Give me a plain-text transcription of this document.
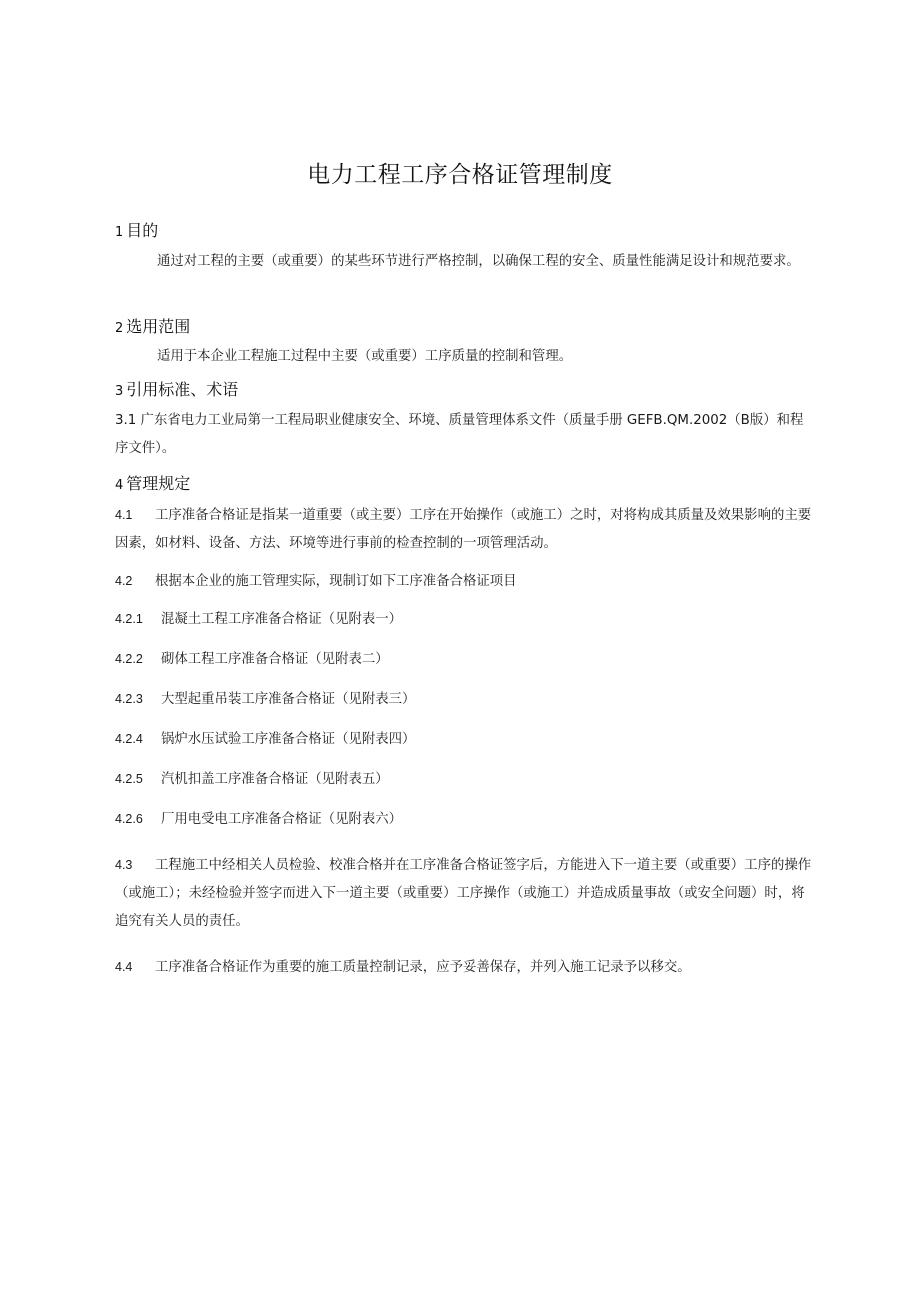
电力工程工序合格证管理制度
1 目的
通过对工程的主要（或重要）的某些环节进行严格控制，以确保工程的安全、质量性能满足设计和规范要求。
2 选用范围
适用于本企业工程施工过程中主要（或重要）工序质量的控制和管理。
3 引用标准、术语
3.1 广东省电力工业局第一工程局职业健康安全、环境、质量管理体系文件（质量手册 GEFB.QM.2002（B版）和程序文件）。
4 管理规定
4.1 工序准备合格证是指某一道重要（或主要）工序在开始操作（或施工）之时，对将构成其质量及效果影响的主要因素，如材料、设备、方法、环境等进行事前的检查控制的一项管理活动。
4.2 根据本企业的施工管理实际，现制订如下工序准备合格证项目
4.2.1 混凝土工程工序准备合格证（见附表一）
4.2.2 砌体工程工序准备合格证（见附表二）
4.2.3 大型起重吊装工序准备合格证（见附表三）
4.2.4 锅炉水压试验工序准备合格证（见附表四）
4.2.5 汽机扣盖工序准备合格证（见附表五）
4.2.6 厂用电受电工序准备合格证（见附表六）
4.3 工程施工中经相关人员检验、校准合格并在工序准备合格证签字后，方能进入下一道主要（或重要）工序的操作（或施工）；未经检验并签字而进入下一道主要（或重要）工序操作（或施工）并造成质量事故（或安全问题）时，将追究有关人员的责任。
4.4 工序准备合格证作为重要的施工质量控制记录，应予妥善保存，并列入施工记录予以移交。
